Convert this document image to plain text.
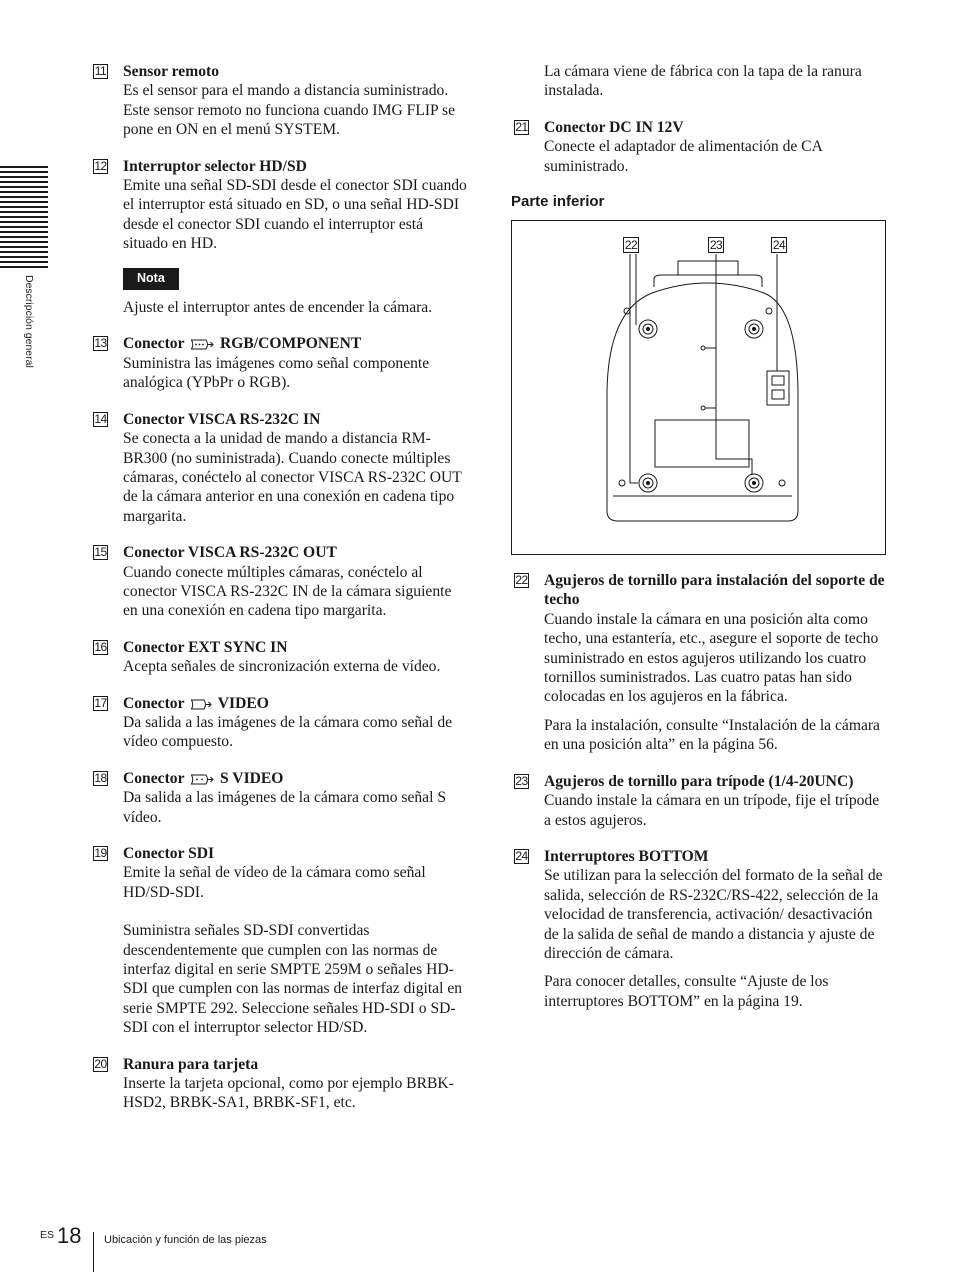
Descripción general
11 Sensor remoto

Es el sensor para el mando a distancia suministrado. Este sensor remoto no funciona cuando IMG FLIP se pone en ON en el menú SYSTEM.

12 Interruptor selector HD/SD

Emite una señal SD-SDI desde el conector SDI cuando el interruptor está situado en SD, o una señal HD-SDI desde el conector SDI cuando el interruptor está situado en HD.

Nota

Ajuste el interruptor antes de encender la cámara.

13 Conector RGB/COMPONENT

Suministra las imágenes como señal componente analógica (YPbPr o RGB).

14 Conector VISCA RS-232C IN

Se conecta a la unidad de mando a distancia RM-BR300 (no suministrada). Cuando conecte múltiples cámaras, conéctelo al conector VISCA RS-232C OUT de la cámara anterior en una conexión en cadena tipo margarita.

15 Conector VISCA RS-232C OUT

Cuando conecte múltiples cámaras, conéctelo al conector VISCA RS-232C IN de la cámara siguiente en una conexión en cadena tipo margarita.

16 Conector EXT SYNC IN

Acepta señales de sincronización externa de vídeo.

17 Conector VIDEO

Da salida a las imágenes de la cámara como señal de vídeo compuesto.

18 Conector S VIDEO

Da salida a las imágenes de la cámara como señal S vídeo.

19 Conector SDI

Emite la señal de vídeo de la cámara como señal HD/SD-SDI.

Suministra señales SD-SDI convertidas descendentemente que cumplen con las normas de interfaz digital en serie SMPTE 259M o señales HD-SDI que cumplen con las normas de interfaz digital en serie SMPTE 292. Seleccione señales HD-SDI o SD-SDI con el interruptor selector HD/SD.

20 Ranura para tarjeta

Inserte la tarjeta opcional, como por ejemplo BRBK-HSD2, BRBK-SA1, BRBK-SF1, etc.

La cámara viene de fábrica con la tapa de la ranura instalada.
21 Conector DC IN 12V

Conecte el adaptador de alimentación de CA suministrado.

Parte inferior
22	23	24
22 Agujeros de tornillo para instalación del soporte de techo

Cuando instale la cámara en una posición alta como techo, una estantería, etc., asegure el soporte de techo suministrado en estos agujeros utilizando los cuatro tornillos suministrados. Las cuatro patas han sido colocadas en los agujeros en la fábrica.

Para la instalación, consulte “Instalación de la cámara en una posición alta” en la página 56.

23 Agujeros de tornillo para trípode (1/4-20UNC)

Cuando instale la cámara en un trípode, fije el trípode a estos agujeros.

24 Interruptores BOTTOM

Se utilizan para la selección del formato de la señal de salida, selección de RS-232C/RS-422, selección de la velocidad de transferencia, activación/ desactivación de la salida de señal de mando a distancia y ajuste de dirección de cámara.

Para conocer detalles, consulte “Ajuste de los interruptores BOTTOM” en la página 19.

ES 18 Ubicación y función de las piezas
